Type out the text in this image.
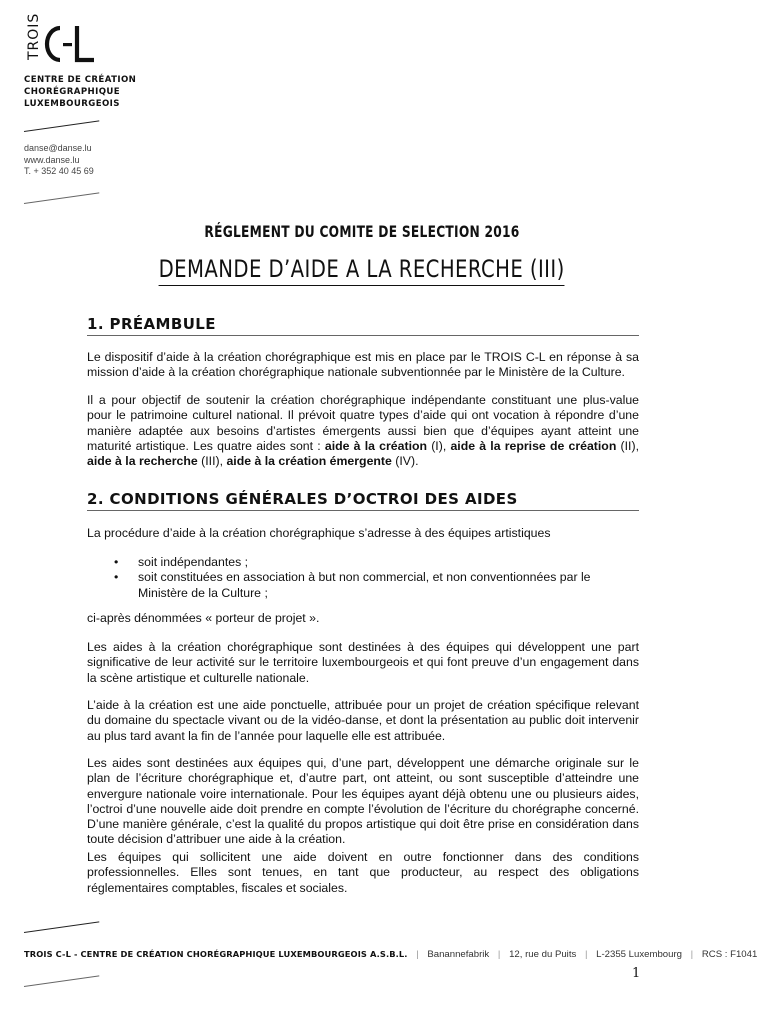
TROIS
CENTRE DE CRÉATION
CHORÉGRAPHIQUE
LUXEMBOURGEOIS
danse@danse.lu
www.danse.lu
T. + 352 40 45 69
RÉGLEMENT DU COMITE DE SELECTION 2016
DEMANDE D’AIDE A LA RECHERCHE (III)
1. PRÉAMBULE
Le dispositif d’aide à la création chorégraphique est mis en place par le TROIS C-L en réponse à sa mission d’aide à la création chorégraphique nationale subventionnée par le Ministère de la Culture.
Il a pour objectif de soutenir la création chorégraphique indépendante constituant une plus-value pour le patrimoine culturel national. Il prévoit quatre types d’aide qui ont vocation à répondre d’une manière adaptée aux besoins d’artistes émergents aussi bien que d’équipes ayant atteint une maturité artistique. Les quatre aides sont : aide à la création (I), aide à la reprise de création (II), aide à la recherche (III), aide à la création émergente (IV).
2. CONDITIONS GÉNÉRALES D’OCTROI DES AIDES
La procédure d’aide à la création chorégraphique s’adresse à des équipes artistiques
• soit indépendantes ;
• soit constituées en association à but non commercial, et non conventionnées par le Ministère de la Culture ;
ci-après dénommées « porteur de projet ».
Les aides à la création chorégraphique sont destinées à des équipes qui développent une part significative de leur activité sur le territoire luxembourgeois et qui font preuve d’un engagement dans la scène artistique et culturelle nationale.
L’aide à la création est une aide ponctuelle, attribuée pour un projet de création spécifique relevant du domaine du spectacle vivant ou de la vidéo-danse, et dont la présentation au public doit intervenir au plus tard avant la fin de l’année pour laquelle elle est attribuée.
Les aides sont destinées aux équipes qui, d’une part, développent une démarche originale sur le plan de l’écriture chorégraphique et, d’autre part, ont atteint, ou sont susceptible d’atteindre une envergure nationale voire internationale. Pour les équipes ayant déjà obtenu une ou plusieurs aides, l’octroi d’une nouvelle aide doit prendre en compte l’évolution de l’écriture du chorégraphe concerné. D’une manière générale, c’est la qualité du propos artistique qui doit être prise en considération dans toute décision d’attribuer une aide à la création.
Les équipes qui sollicitent une aide doivent en outre fonctionner dans des conditions professionnelles. Elles sont tenues, en tant que producteur, au respect des obligations réglementaires comptables, fiscales et sociales.
TROIS C-L - CENTRE DE CRÉATION CHORÉGRAPHIQUE LUXEMBOURGEOIS A.S.B.L. | Banannefabrik | 12, rue du Puits | L-2355 Luxembourg | RCS : F1041
1
